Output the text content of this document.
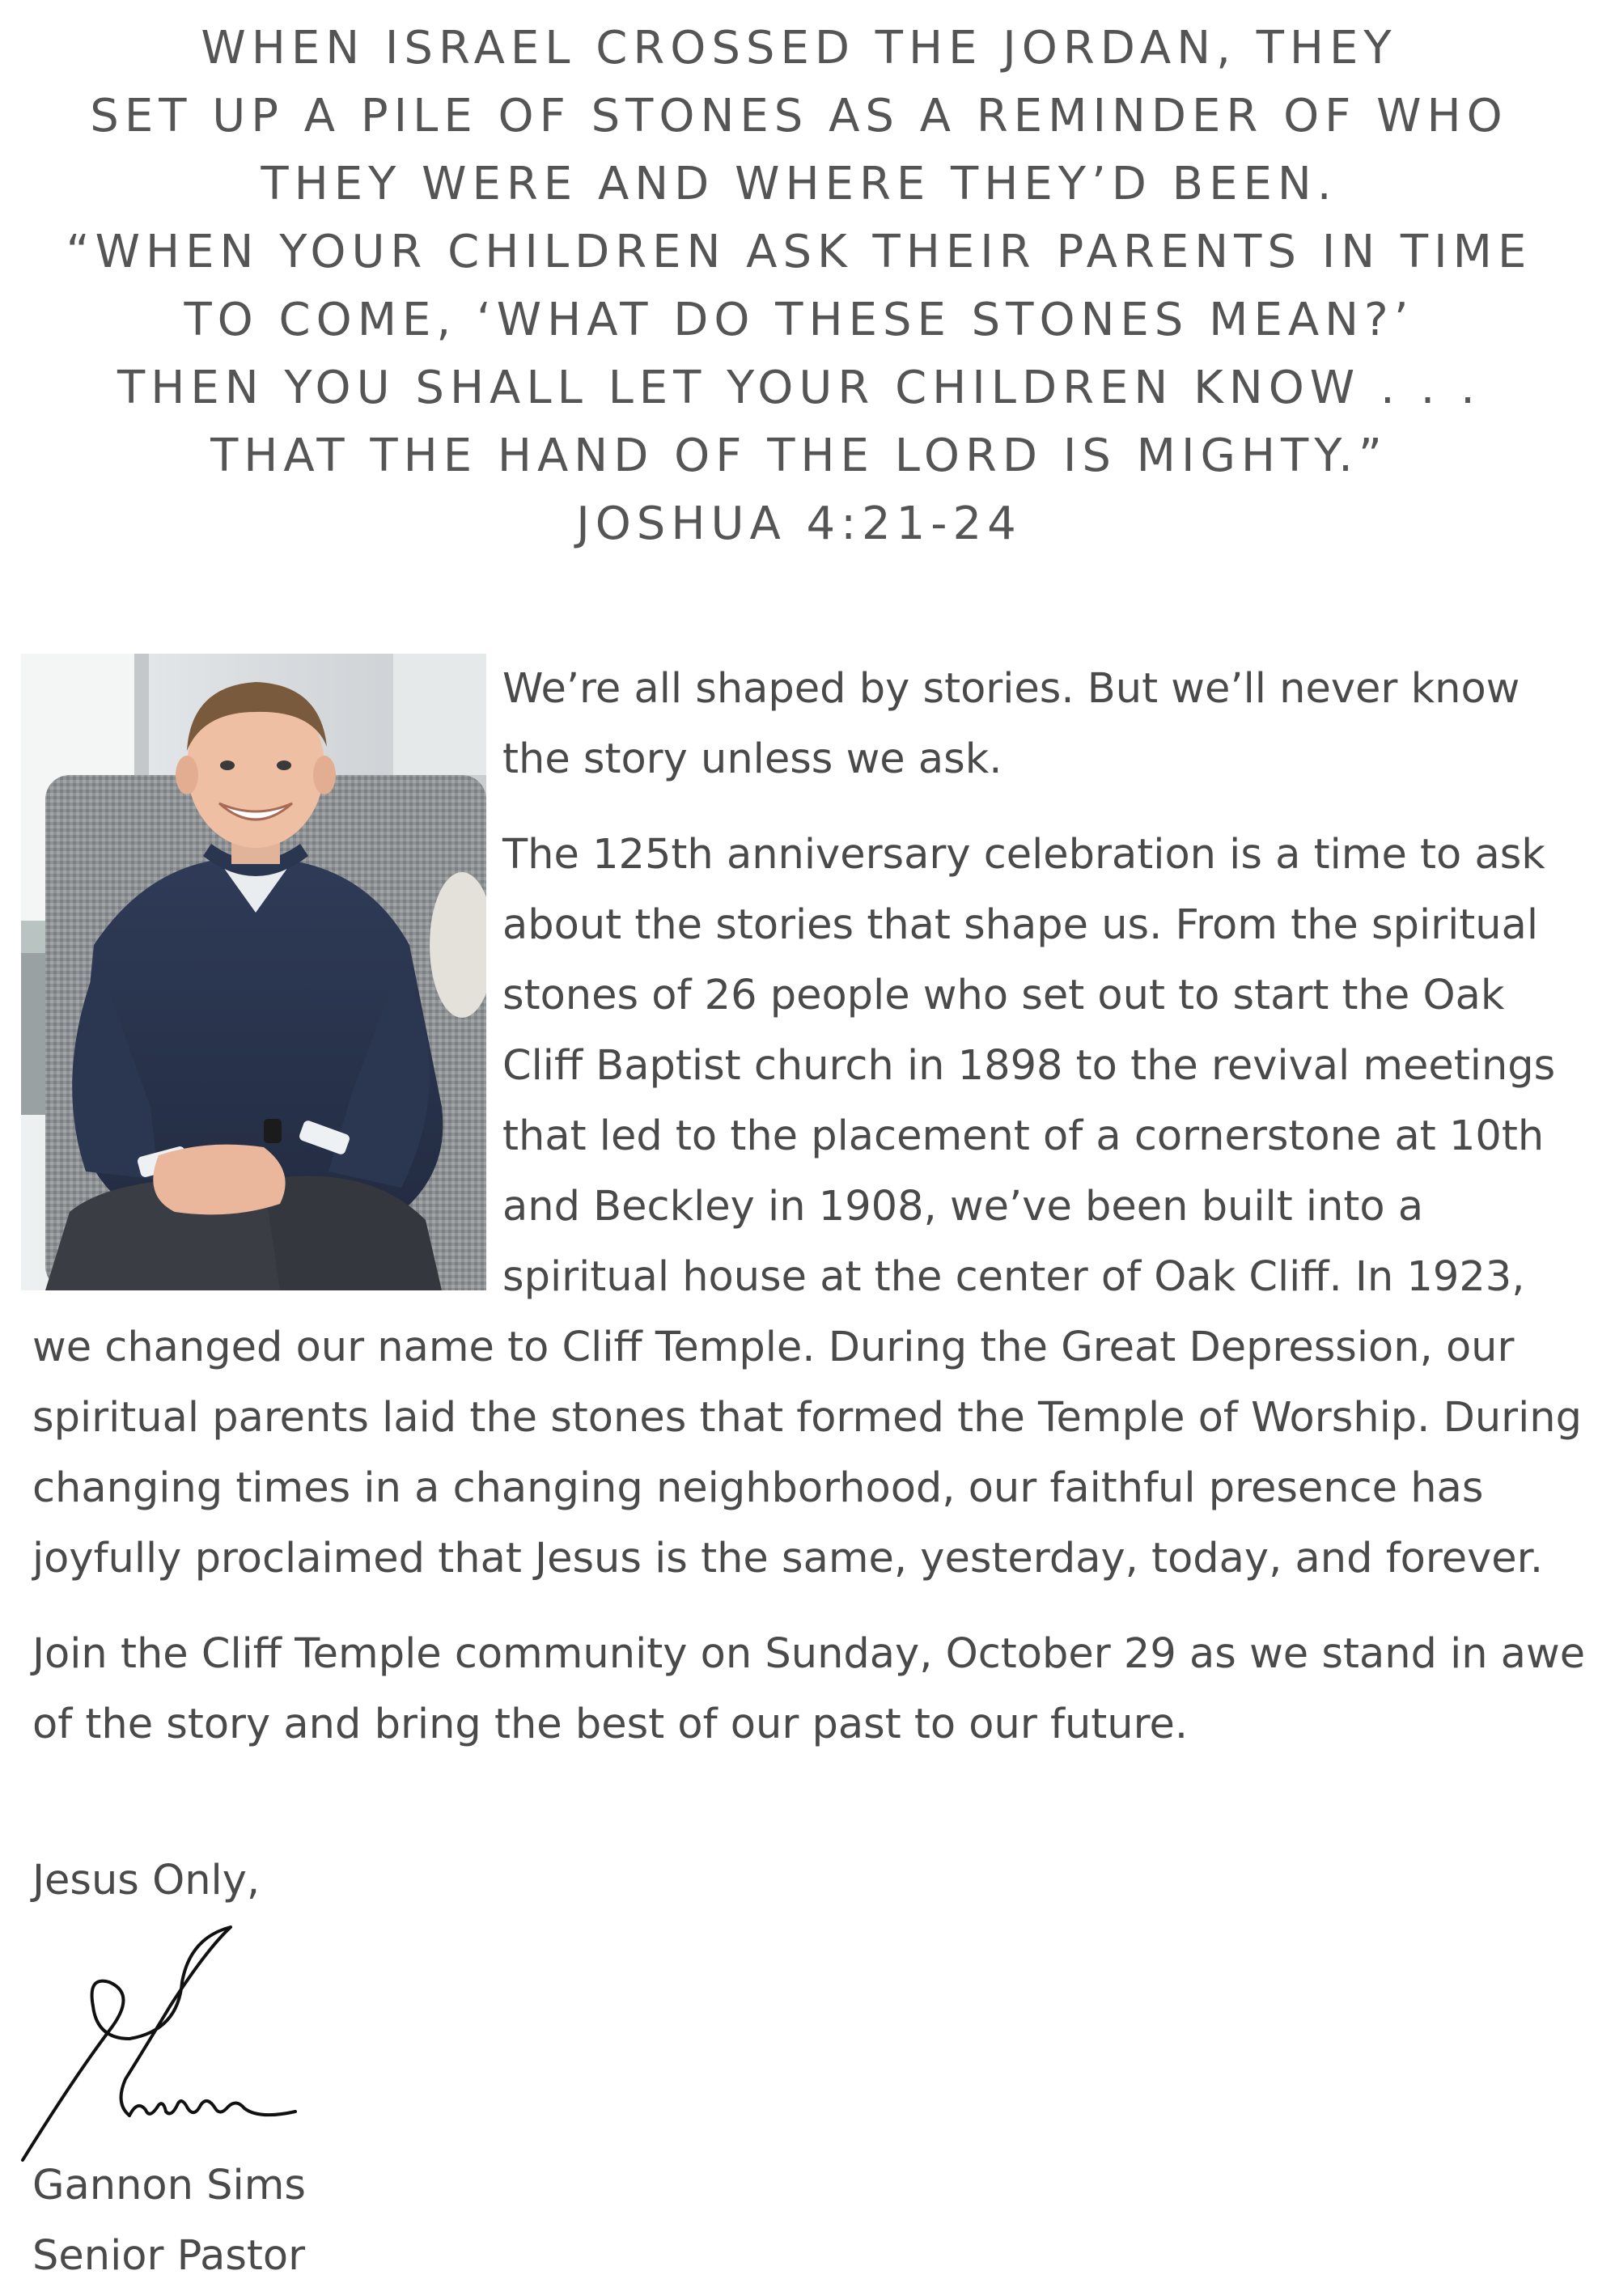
WHEN ISRAEL CROSSED THE JORDAN, THEY
SET UP A PILE OF STONES AS A REMINDER OF WHO
THEY WERE AND WHERE THEY’D BEEN.
“WHEN YOUR CHILDREN ASK THEIR PARENTS IN TIME
TO COME, ‘WHAT DO THESE STONES MEAN?’
THEN YOU SHALL LET YOUR CHILDREN KNOW . . .
THAT THE HAND OF THE LORD IS MIGHTY.”
JOSHUA 4:21-24

We’re all shaped by stories. But we’ll never know the story unless we ask.

The 125th anniversary celebration is a time to ask about the stories that shape us. From the spiritual stones of 26 people who set out to start the Oak Cliff Baptist church in 1898 to the revival meetings that led to the placement of a cornerstone at 10th and Beckley in 1908, we’ve been built into a spiritual house at the center of Oak Cliff. In 1923, we changed our name to Cliff Temple. During the Great Depression, our spiritual parents laid the stones that formed the Temple of Worship. During changing times in a changing neighborhood, our faithful presence has joyfully proclaimed that Jesus is the same, yesterday, today, and forever.

Join the Cliff Temple community on Sunday, October 29 as we stand in awe of the story and bring the best of our past to our future.

Jesus Only,
Gannon Sims
Senior Pastor
